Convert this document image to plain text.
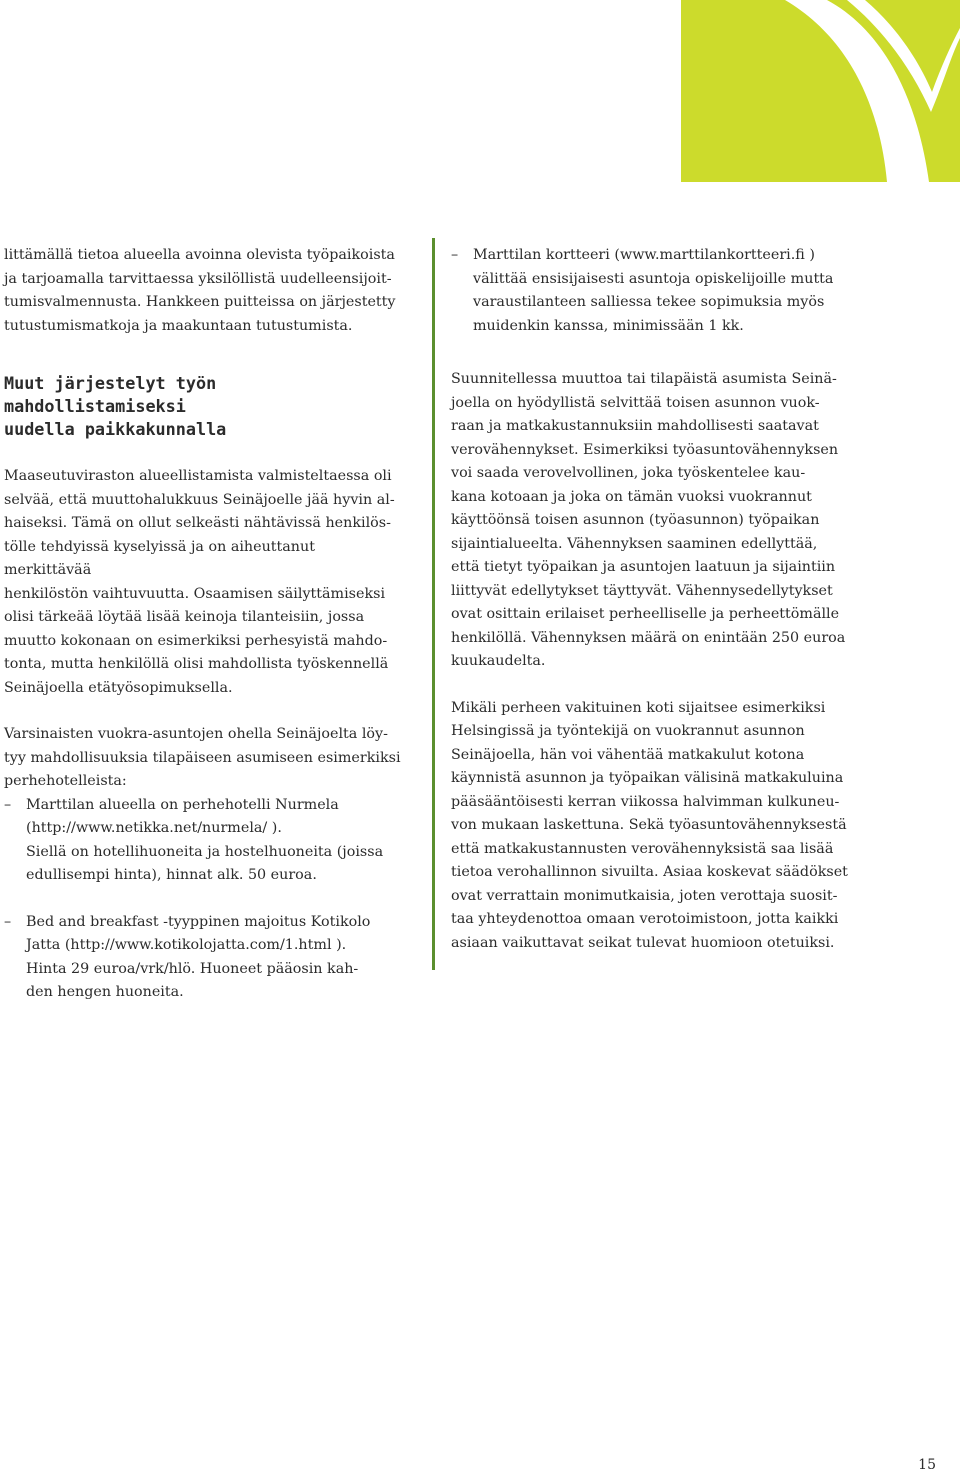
littämällä tietoa alueella avoinna olevista työpaikoista
ja tarjoamalla tarvittaessa yksilöllistä uudelleensijoit-
tumisvalmennusta. Hankkeen puitteissa on järjestetty
tutustumismatkoja ja maakuntaan tutustumista.

Muut järjestelyt työn mahdollistamiseksi
uudella paikkakunnalla

Maaseutuviraston alueellistamista valmisteltaessa oli
selvää, että muuttohalukkuus Seinäjoelle jää hyvin al-
haiseksi. Tämä on ollut selkeästi nähtävissä henkilös-
tölle tehdyissä kyselyissä ja on aiheuttanut merkittävää
henkilöstön vaihtuvuutta. Osaamisen säilyttämiseksi
olisi tärkeää löytää lisää keinoja tilanteisiin, jossa
muutto kokonaan on esimerkiksi perhesyistä mahdo-
tonta, mutta henkilöllä olisi mahdollista työskennellä
Seinäjoella etätyösopimuksella.

Varsinaisten vuokra-asuntojen ohella Seinäjoelta löy-
tyy mahdollisuuksia tilapäiseen asumiseen esimerkiksi
perhehotelleista:

– Marttilan alueella on perhehotelli Nurmela
(http://www.netikka.net/nurmela/ ).
Siellä on hotellihuoneita ja hostelhuoneita (joissa
edullisempi hinta), hinnat alk. 50 euroa.

– Bed and breakfast -tyyppinen majoitus Kotikolo
Jatta (http://www.kotikolojatta.com/1.html ).
Hinta 29 euroa/vrk/hlö. Huoneet pääosin kah-
den hengen huoneita.

– Marttilan kortteeri (www.marttilankortteeri.fi )
välittää ensisijaisesti asuntoja opiskelijoille mutta
varaustilanteen salliessa tekee sopimuksia myös
muidenkin kanssa, minimissään 1 kk.

Suunnitellessa muuttoa tai tilapäistä asumista Seinä-
joella on hyödyllistä selvittää toisen asunnon vuok-
raan ja matkakustannuksiin mahdollisesti saatavat
verovähennykset. Esimerkiksi työasuntovähennyksen
voi saada verovelvollinen, joka työskentelee kau-
kana kotoaan ja joka on tämän vuoksi vuokrannut
käyttöönsä toisen asunnon (työasunnon) työpaikan
sijaintialueelta. Vähennyksen saaminen edellyttää,
että tietyt työpaikan ja asuntojen laatuun ja sijaintiin
liittyvät edellytykset täyttyvät. Vähennysedellytykset
ovat osittain erilaiset perheelliselle ja perheettömälle
henkilöllä. Vähennyksen määrä on enintään 250 euroa
kuukaudelta.

Mikäli perheen vakituinen koti sijaitsee esimerkiksi
Helsingissä ja työntekijä on vuokrannut asunnon
Seinäjoella, hän voi vähentää matkakulut kotona
käynnistä asunnon ja työpaikan välisinä matkakuluina
pääsääntöisesti kerran viikossa halvimman kulkuneu-
von mukaan laskettuna. Sekä työasuntovähennyksestä
että matkakustannusten verovähennyksistä saa lisää
tietoa verohallinnon sivuilta. Asiaa koskevat säädökset
ovat verrattain monimutkaisia, joten verottaja suosit-
taa yhteydenottoa omaan verotoimistoon, jotta kaikki
asiaan vaikuttavat seikat tulevat huomioon otetuiksi.

15
